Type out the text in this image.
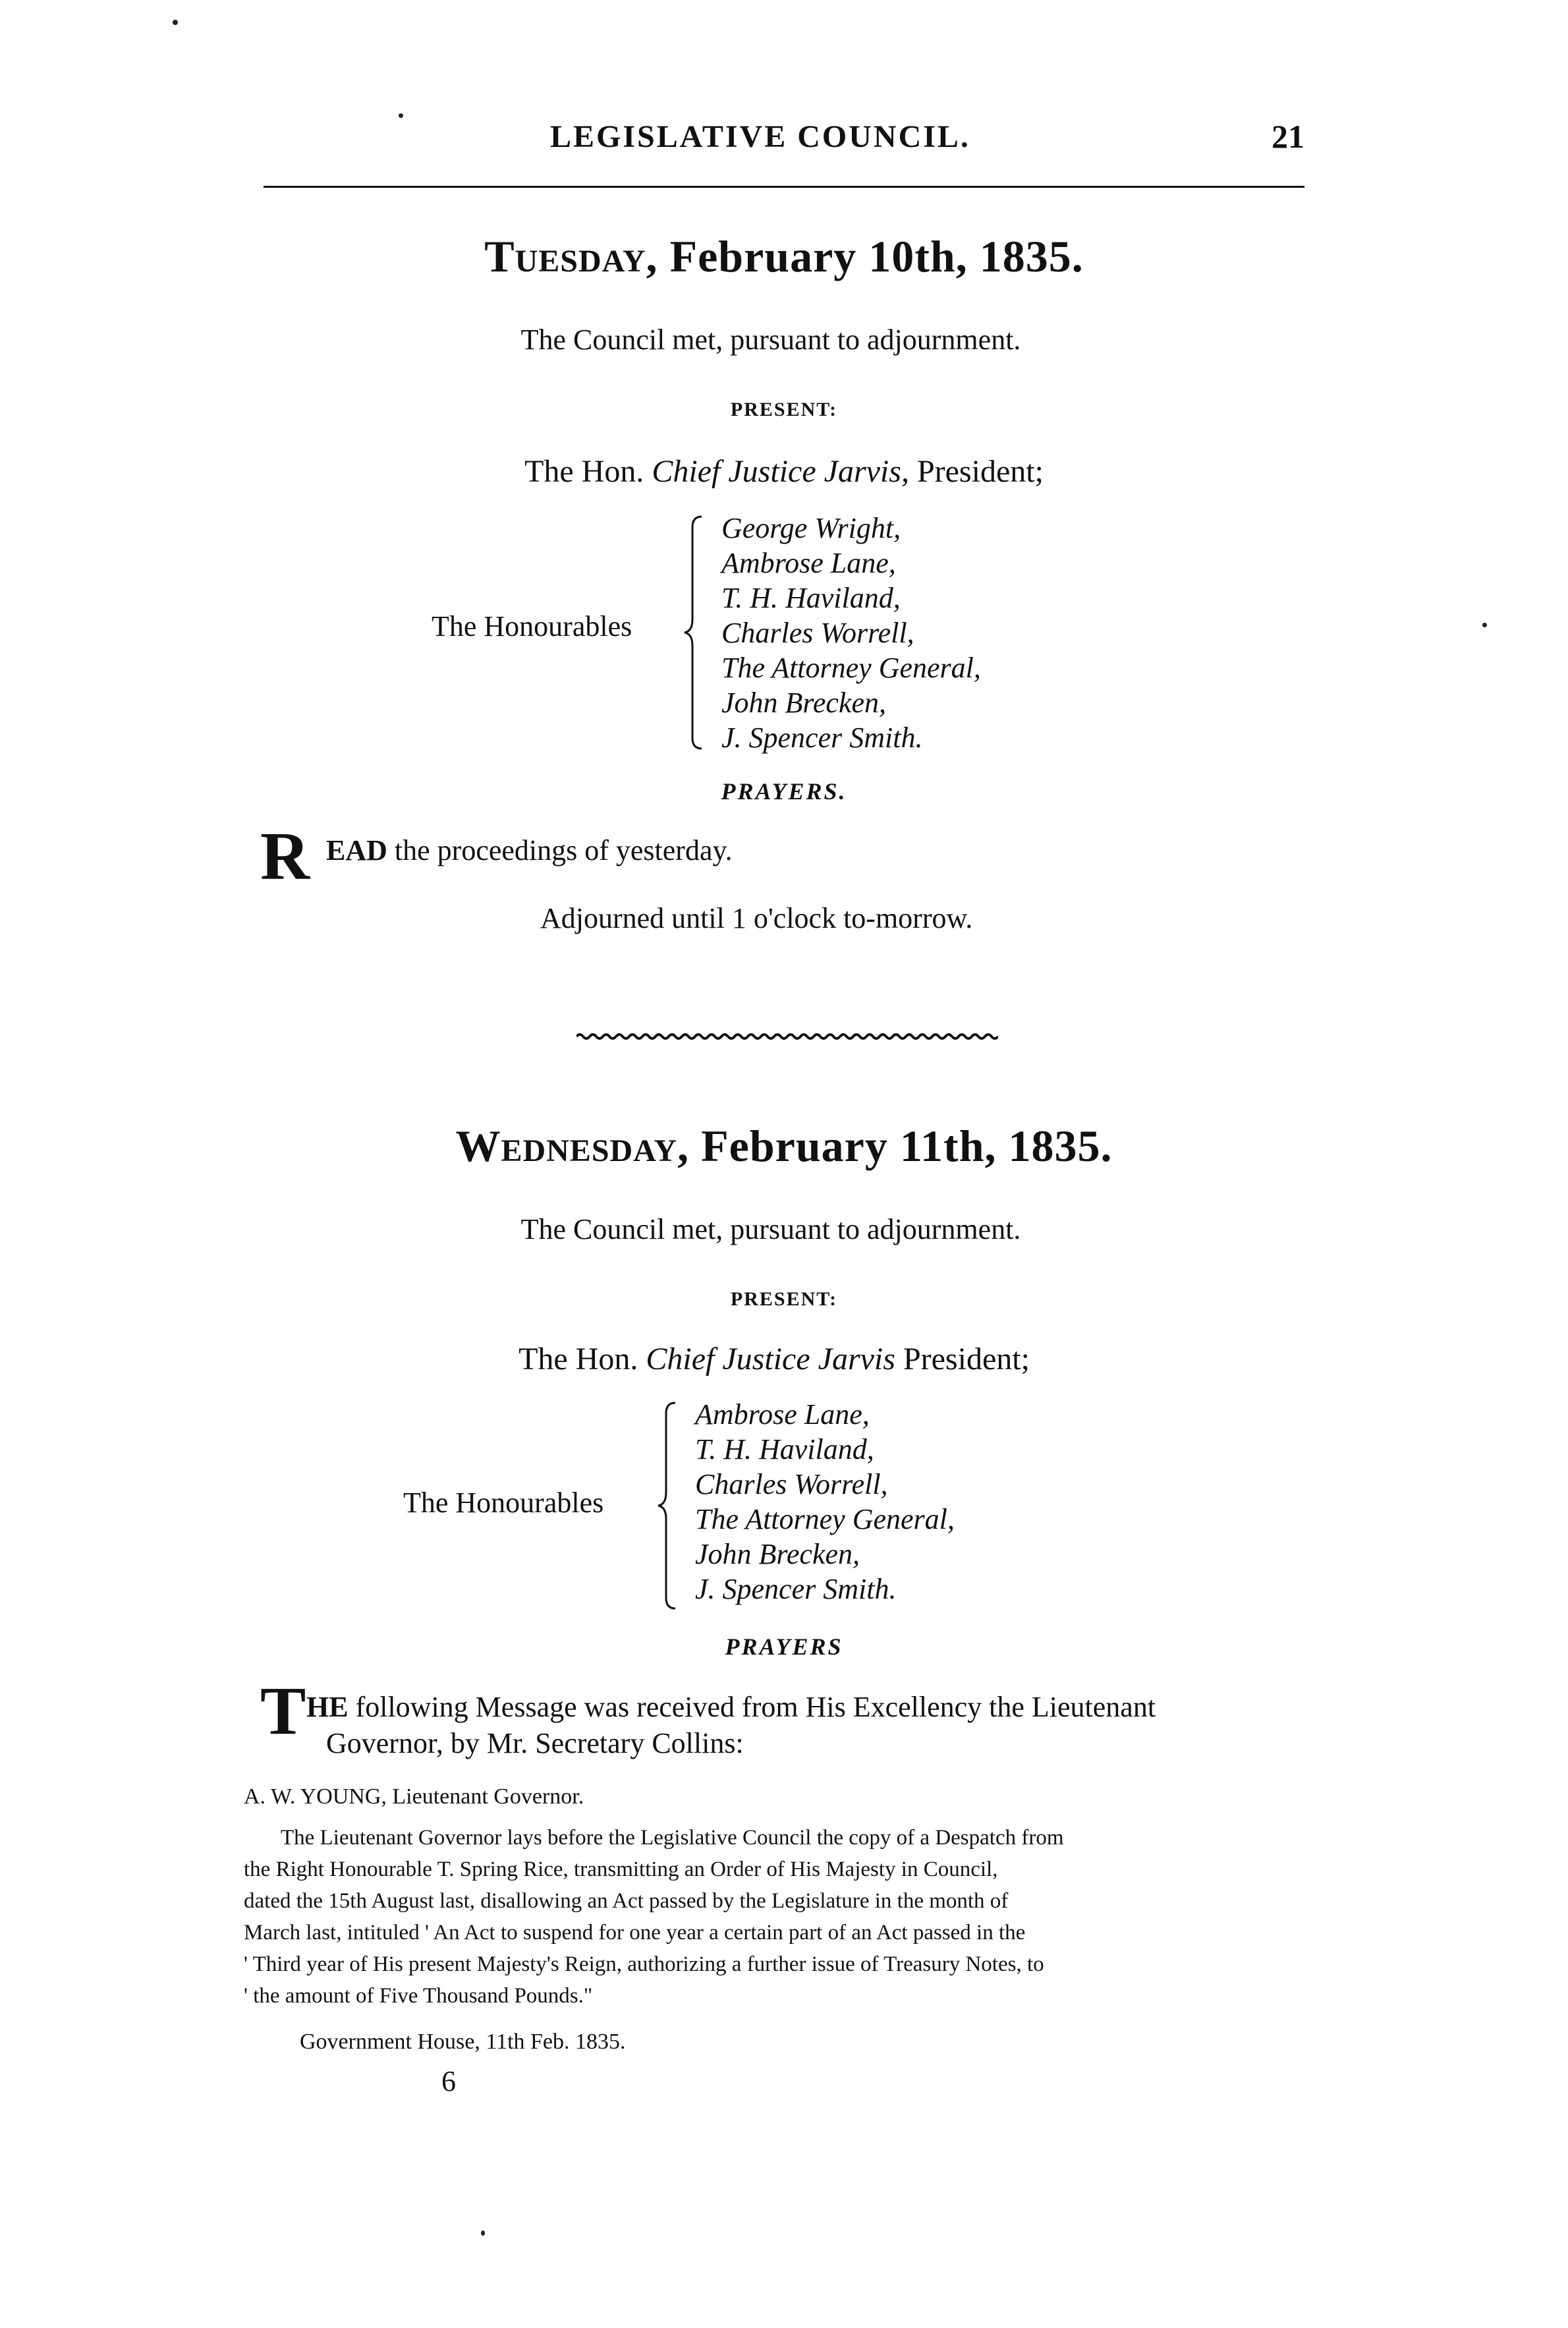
LEGISLATIVE COUNCIL.	21
Tuesday, February 10th, 1835.
The Council met, pursuant to adjournment.
PRESENT:
The Hon. Chief Justice Jarvis, President;
The Honourables
George Wright,
Ambrose Lane,
T. H. Haviland,
Charles Worrell,
The Attorney General,
John Brecken,
J. Spencer Smith.
PRAYERS.
R EAD the proceedings of yesterday.
Adjourned until 1 o'clock to-morrow.
Wednesday, February 11th, 1835.
The Council met, pursuant to adjournment.
PRESENT:
The Hon. Chief Justice Jarvis President;
The Honourables
Ambrose Lane,
T. H. Haviland,
Charles Worrell,
The Attorney General,
John Brecken,
J. Spencer Smith.
PRAYERS
T HE following Message was received from His Excellency the Lieutenant
Governor, by Mr. Secretary Collins:
A. W. YOUNG, Lieutenant Governor.
The Lieutenant Governor lays before the Legislative Council the copy of a Despatch from
the Right Honourable T. Spring Rice, transmitting an Order of His Majesty in Council,
dated the 15th August last, disallowing an Act passed by the Legislature in the month of
March last, intituled ' An Act to suspend for one year a certain part of an Act passed in the
' Third year of His present Majesty's Reign, authorizing a further issue of Treasury Notes, to
' the amount of Five Thousand Pounds."
Government House, 11th Feb. 1835.
6
